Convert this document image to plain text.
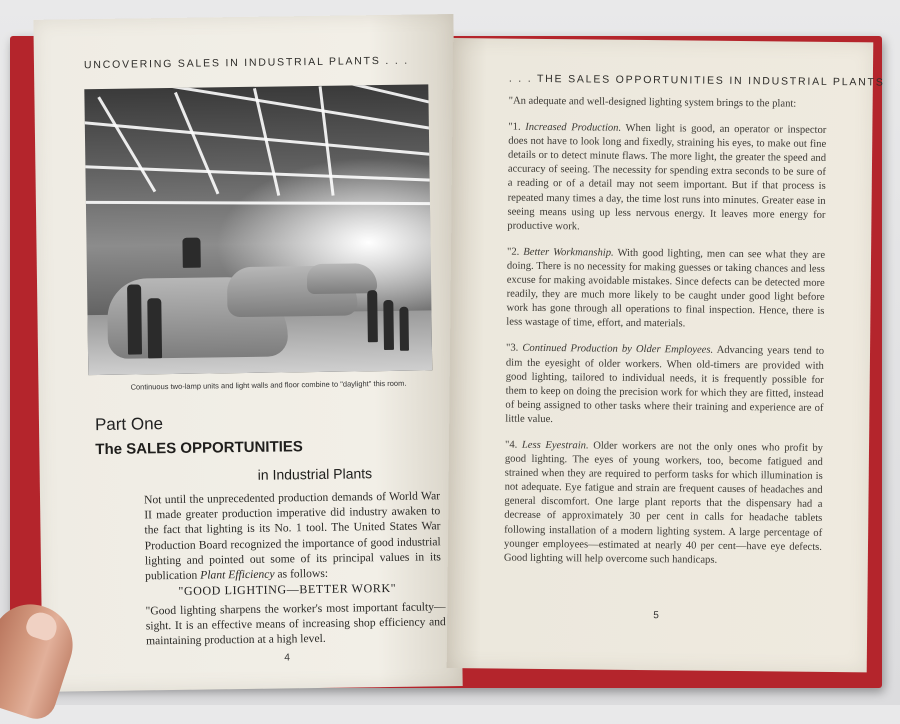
UNCOVERING SALES IN INDUSTRIAL PLANTS . . .
Continuous two-lamp units and light walls and floor combine to "daylight" this room.
Part One
The SALES OPPORTUNITIES
in Industrial Plants
Not until the unprecedented production demands of World War II made greater production imperative did industry awaken to the fact that lighting is its No. 1 tool. The United States War Production Board recognized the importance of good industrial lighting and pointed out some of its principal values in its publication Plant Efficiency as follows:
"GOOD LIGHTING—BETTER WORK"
"Good lighting sharpens the worker's most important faculty—sight. It is an effective means of increasing shop efficiency and maintaining production at a high level.
4
. . . THE SALES OPPORTUNITIES IN INDUSTRIAL PLANTS

"An adequate and well-designed lighting system brings to the plant:

"1. Increased Production. When light is good, an operator or inspector does not have to look long and fixedly, straining his eyes, to make out fine details or to detect minute flaws. The more light, the greater the speed and accuracy of seeing. The necessity for spending extra seconds to be sure of a reading or of a detail may not seem important. But if that process is repeated many times a day, the time lost runs into minutes. Greater ease in seeing means using up less nervous energy. It leaves more energy for productive work.

"2. Better Workmanship. With good lighting, men can see what they are doing. There is no necessity for making guesses or taking chances and less excuse for making avoidable mistakes. Since defects can be detected more readily, they are much more likely to be caught under good light before work has gone through all operations to final inspection. Hence, there is less wastage of time, effort, and materials.

"3. Continued Production by Older Employees. Advancing years tend to dim the eyesight of older workers. When old-timers are provided with good lighting, tailored to individual needs, it is frequently possible for them to keep on doing the precision work for which they are fitted, instead of being assigned to other tasks where their training and experience are of little value.

"4. Less Eyestrain. Older workers are not the only ones who profit by good lighting. The eyes of young workers, too, become fatigued and strained when they are required to perform tasks for which illumination is not adequate. Eye fatigue and strain are frequent causes of headaches and general discomfort. One large plant reports that the dispensary had a decrease of approximately 30 per cent in calls for headache tablets following installation of a modern lighting system. A large percentage of younger employees—estimated at nearly 40 per cent—have eye defects. Good lighting will help overcome such handicaps.

5
